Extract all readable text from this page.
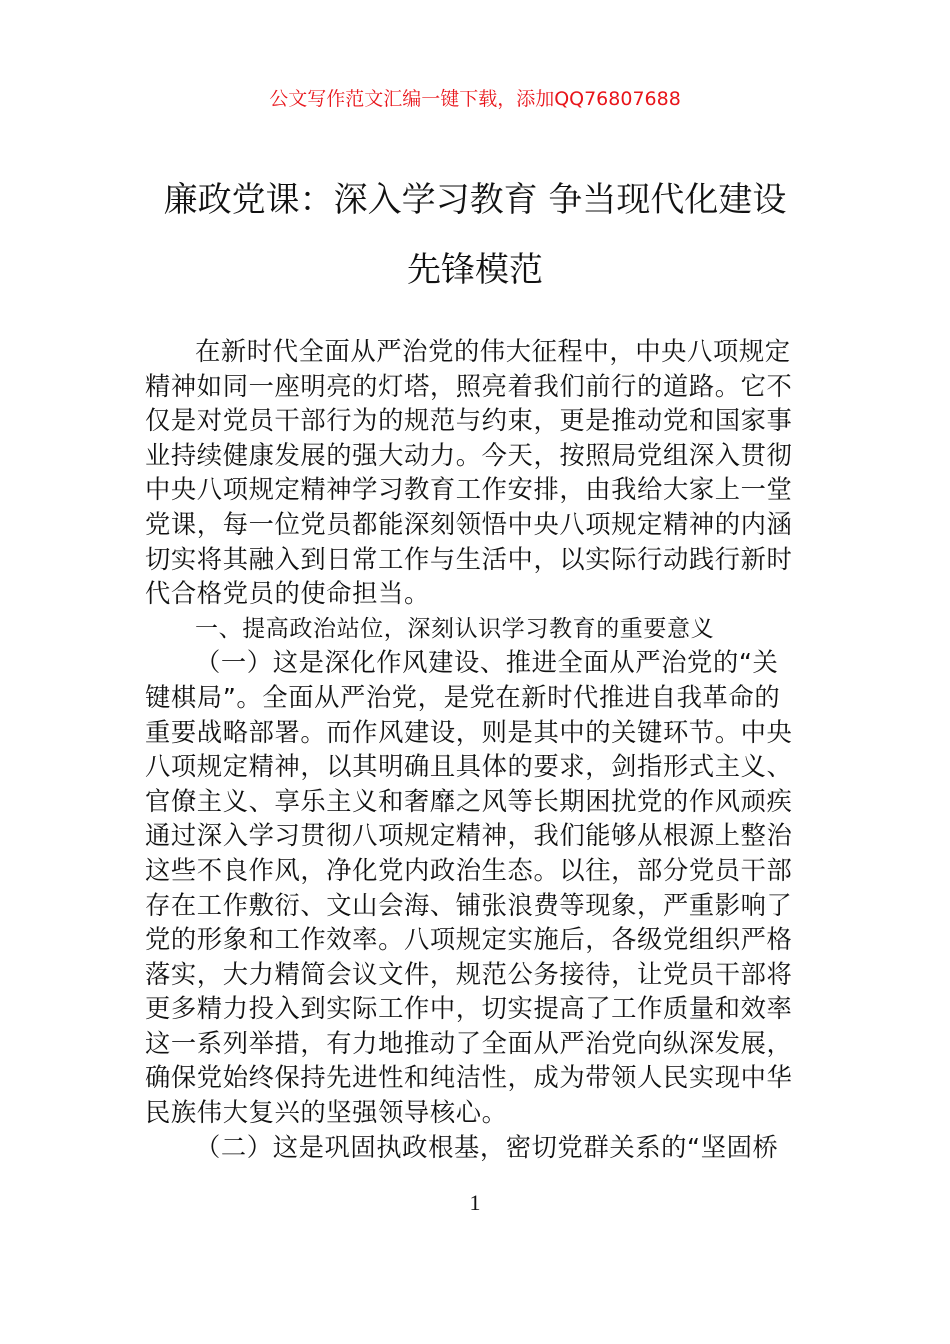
公文写作范文汇编一键下载，添加QQ76807688
廉政党课：深入学习教育 争当现代化建设
先锋模范
在新时代全面从严治党的伟大征程中，中央八项规定
精神如同一座明亮的灯塔，照亮着我们前行的道路。它不
仅是对党员干部行为的规范与约束，更是推动党和国家事
业持续健康发展的强大动力。今天，按照局党组深入贯彻
中央八项规定精神学习教育工作安排，由我给大家上一堂
党课，每一位党员都能深刻领悟中央八项规定精神的内涵
切实将其融入到日常工作与生活中，以实际行动践行新时
代合格党员的使命担当。
一、提高政治站位，深刻认识学习教育的重要意义
（一）这是深化作风建设、推进全面从严治党的“关
键棋局”。全面从严治党，是党在新时代推进自我革命的
重要战略部署。而作风建设，则是其中的关键环节。中央
八项规定精神，以其明确且具体的要求，剑指形式主义、
官僚主义、享乐主义和奢靡之风等长期困扰党的作风顽疾
通过深入学习贯彻八项规定精神，我们能够从根源上整治
这些不良作风，净化党内政治生态。以往，部分党员干部
存在工作敷衍、文山会海、铺张浪费等现象，严重影响了
党的形象和工作效率。八项规定实施后，各级党组织严格
落实，大力精简会议文件，规范公务接待，让党员干部将
更多精力投入到实际工作中，切实提高了工作质量和效率
这一系列举措，有力地推动了全面从严治党向纵深发展，
确保党始终保持先进性和纯洁性，成为带领人民实现中华
民族伟大复兴的坚强领导核心。
（二）这是巩固执政根基，密切党群关系的“坚固桥
1
